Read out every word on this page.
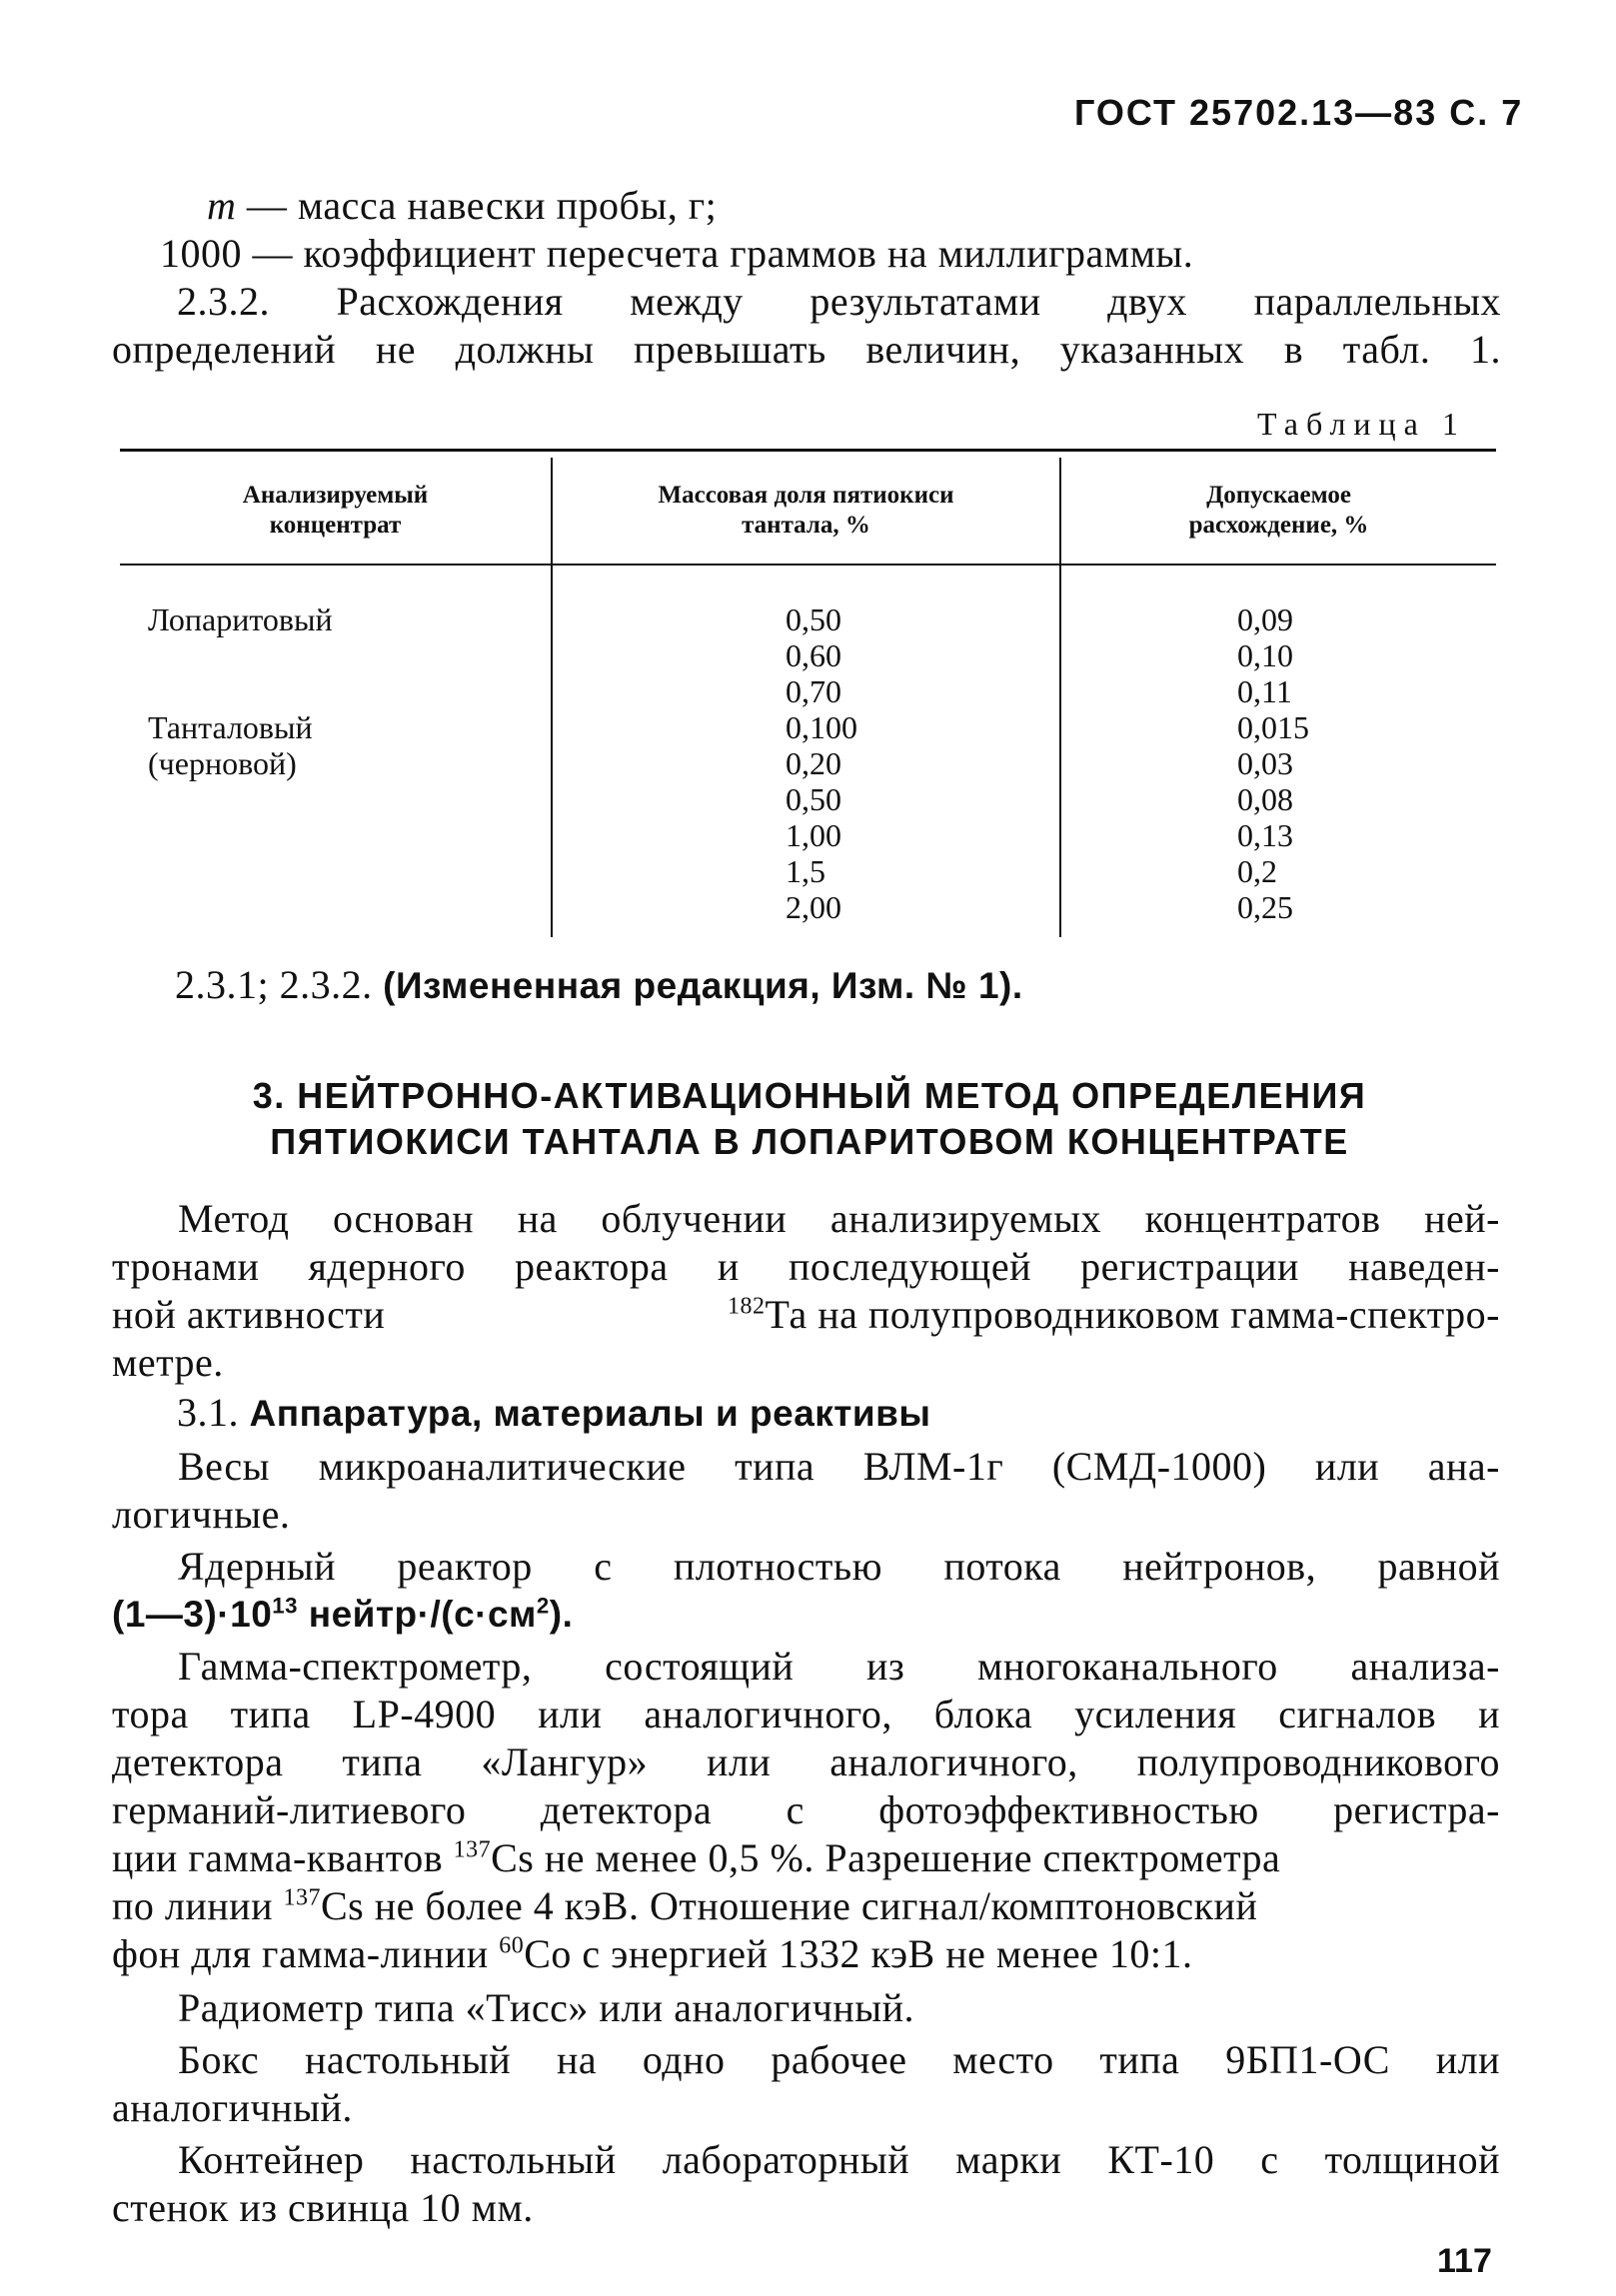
ГОСТ 25702.13—83 С. 7
m — масса навески пробы, г;
1000 — коэффициент пересчета граммов на миллиграммы.
2.3.2. Расхождения между результатами двух параллельных
определений не должны превышать величин, указанных в табл. 1.
Таблица 1
Анализируемый
концентрат
Массовая доля пятиокиси
тантала, %
Допускаемое
расхождение, %
Лопаритовый
Танталовый
(черновой)
0,50
0,60
0,70
0,100
0,20
0,50
1,00
1,5
2,00
0,09
0,10
0,11
0,015
0,03
0,08
0,13
0,2
0,25
2.3.1; 2.3.2. (Измененная редакция, Изм. № 1).
3. НЕЙТРОННО-АКТИВАЦИОННЫЙ МЕТОД ОПРЕДЕЛЕНИЯ
ПЯТИОКИСИ ТАНТАЛА В ЛОПАРИТОВОМ КОНЦЕНТРАТЕ
Метод основан на облучении анализируемых концентратов ней-
тронами ядерного реактора и последующей регистрации наведен-
ной активности	$^{182}$Та на полупроводниковом гамма-спектро-
метре.
3.1. Аппаратура, материалы и реактивы
Весы микроаналитические типа ВЛМ-1г (СМД-1000) или ана-
логичные.
Ядерный реактор с плотностью потока нейтронов, равной
$(1—3)\cdot 10^{13}$ $нейтр\cdot/(с\cdot см^2)$.
Гамма-спектрометр, состоящий из многоканального анализа-
тора типа LP-4900 или аналогичного, блока усиления сигналов и
детектора типа «Лангур» или аналогичного, полупроводникового
германий-литиевого детектора с фотоэффективностью регистра-
ции гамма-квантов $^{137}$Cs не менее 0,5 %. Разрешение спектрометра
по линии $^{137}$Cs не более 4 кэВ. Отношение сигнал/комптоновский
фон для гамма-линии $^{60}$Со с энергией 1332 кэВ не менее 10:1.
Радиометр типа «Тисс» или аналогичный.
Бокс настольный на одно рабочее место типа 9БП1-ОС или
аналогичный.
Контейнер настольный лабораторный марки КТ-10 с толщиной
стенок из свинца 10 мм.
117
